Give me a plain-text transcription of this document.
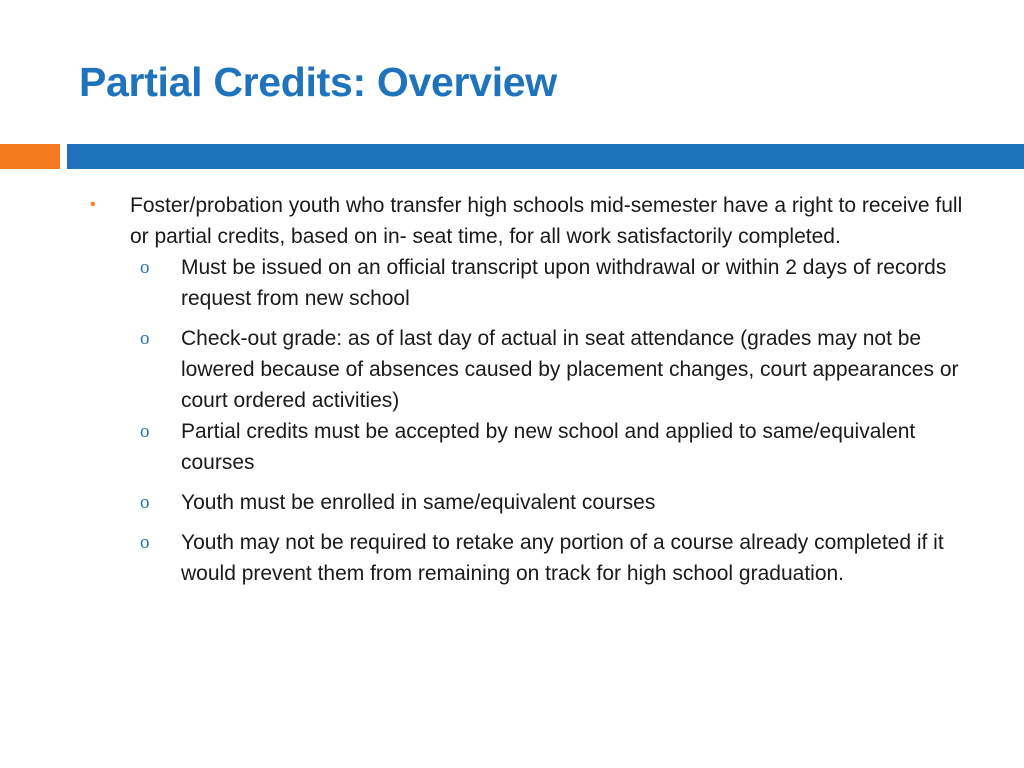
Partial Credits: Overview
• Foster/probation youth who transfer high schools mid-semester have a right to receive full or partial credits, based on in- seat time, for all work satisfactorily completed.
o Must be issued on an official transcript upon withdrawal or within 2 days of records request from new school
o Check-out grade: as of last day of actual in seat attendance (grades may not be lowered because of absences caused by placement changes, court appearances or court ordered activities)
o Partial credits must be accepted by new school and applied to same/equivalent courses
o Youth must be enrolled in same/equivalent courses
o Youth may not be required to retake any portion of a course already completed if it would prevent them from remaining on track for high school graduation.
